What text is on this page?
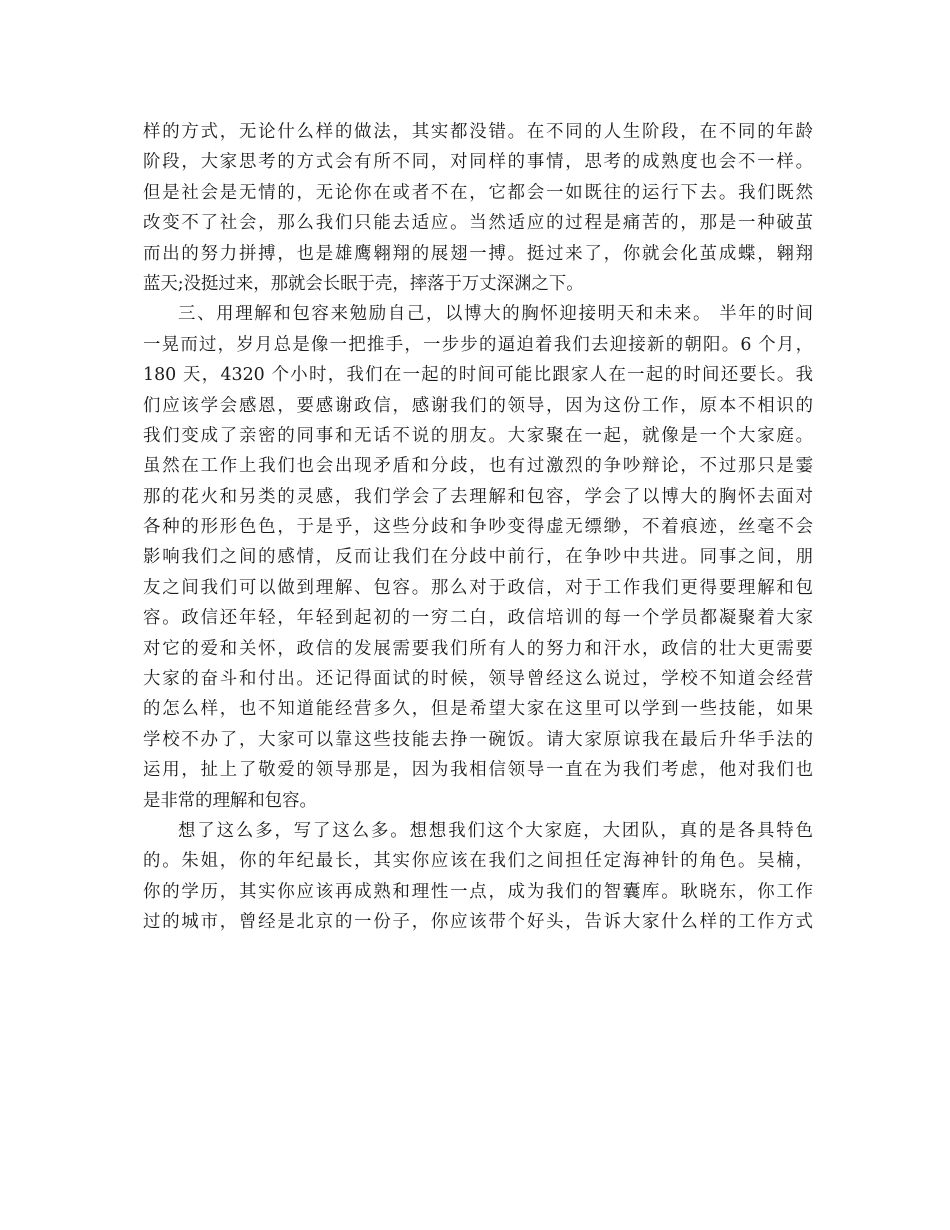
样的方式，无论什么样的做法，其实都没错。在不同的人生阶段，在不同的年龄
阶段，大家思考的方式会有所不同，对同样的事情，思考的成熟度也会不一样。
但是社会是无情的，无论你在或者不在，它都会一如既往的运行下去。我们既然
改变不了社会，那么我们只能去适应。当然适应的过程是痛苦的，那是一种破茧
而出的努力拼搏，也是雄鹰翱翔的展翅一搏。挺过来了，你就会化茧成蝶，翱翔
蓝天;没挺过来，那就会长眠于壳，摔落于万丈深渊之下。
三、用理解和包容来勉励自己，以博大的胸怀迎接明天和未来。 半年的时间
一晃而过，岁月总是像一把推手，一步步的逼迫着我们去迎接新的朝阳。6 个月，
180 天，4320 个小时，我们在一起的时间可能比跟家人在一起的时间还要长。我
们应该学会感恩，要感谢政信，感谢我们的领导，因为这份工作，原本不相识的
我们变成了亲密的同事和无话不说的朋友。大家聚在一起，就像是一个大家庭。
虽然在工作上我们也会出现矛盾和分歧，也有过激烈的争吵辩论，不过那只是霎
那的花火和另类的灵感，我们学会了去理解和包容，学会了以博大的胸怀去面对
各种的形形色色，于是乎，这些分歧和争吵变得虚无缥缈，不着痕迹，丝毫不会
影响我们之间的感情，反而让我们在分歧中前行，在争吵中共进。同事之间，朋
友之间我们可以做到理解、包容。那么对于政信，对于工作我们更得要理解和包
容。政信还年轻，年轻到起初的一穷二白，政信培训的每一个学员都凝聚着大家
对它的爱和关怀，政信的发展需要我们所有人的努力和汗水，政信的壮大更需要
大家的奋斗和付出。还记得面试的时候，领导曾经这么说过，学校不知道会经营
的怎么样，也不知道能经营多久，但是希望大家在这里可以学到一些技能，如果
学校不办了，大家可以靠这些技能去挣一碗饭。请大家原谅我在最后升华手法的
运用，扯上了敬爱的领导那是，因为我相信领导一直在为我们考虑，他对我们也
是非常的理解和包容。
想了这么多，写了这么多。想想我们这个大家庭，大团队，真的是各具特色
的。朱姐，你的年纪最长，其实你应该在我们之间担任定海神针的角色。吴楠，
你的学历，其实你应该再成熟和理性一点，成为我们的智囊库。耿晓东，你工作
过的城市，曾经是北京的一份子，你应该带个好头，告诉大家什么样的工作方式
